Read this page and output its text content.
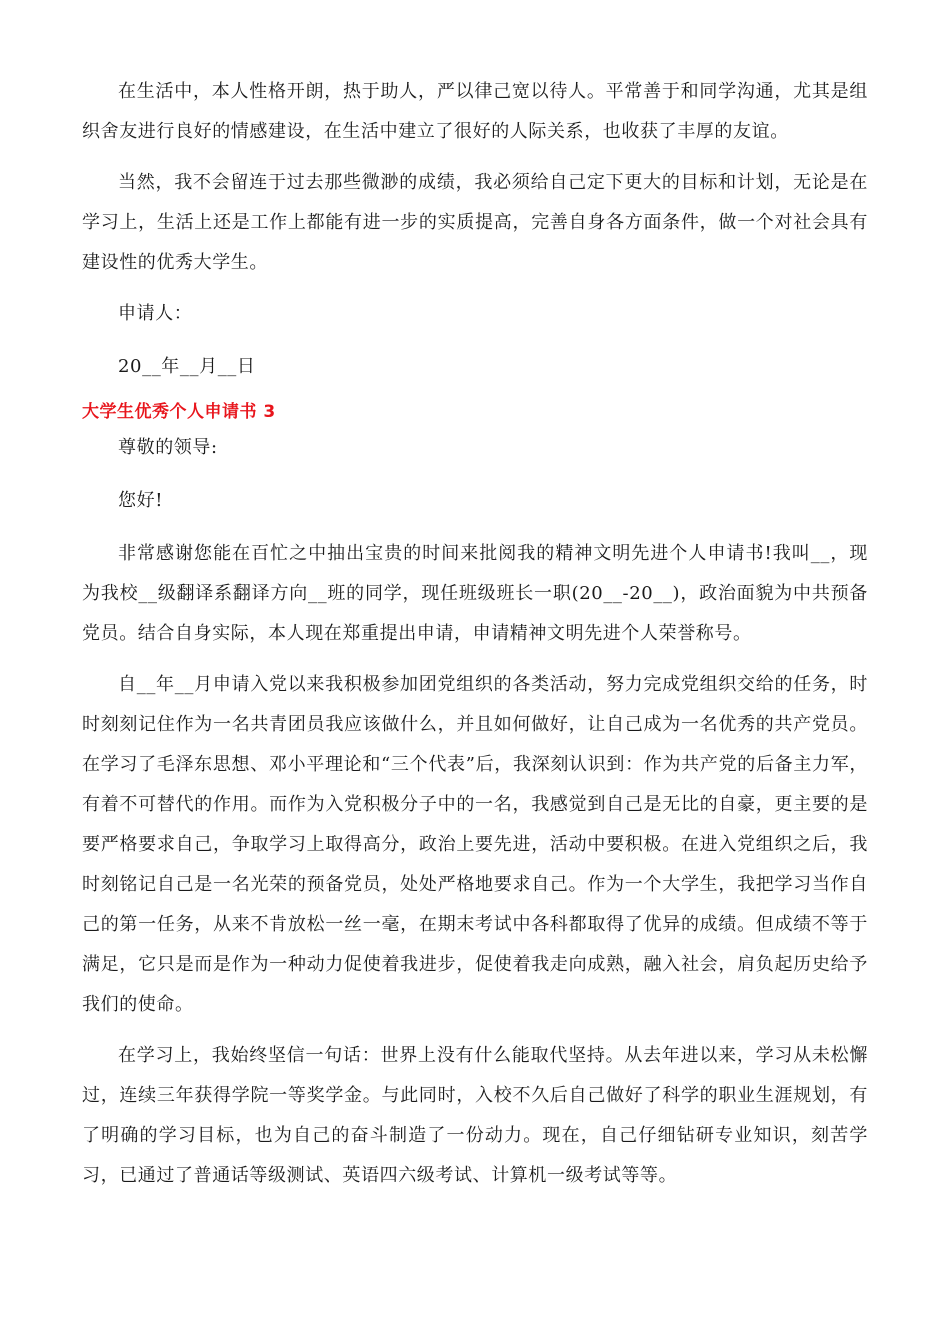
在生活中，本人性格开朗，热于助人，严以律己宽以待人。平常善于和同学沟通，尤其是组织舍友进行良好的情感建设，在生活中建立了很好的人际关系，也收获了丰厚的友谊。

当然，我不会留连于过去那些微渺的成绩，我必须给自己定下更大的目标和计划，无论是在学习上，生活上还是工作上都能有进一步的实质提高，完善自身各方面条件，做一个对社会具有建设性的优秀大学生。

申请人：

20__年__月__日

大学生优秀个人申请书 3

尊敬的领导:

您好!

非常感谢您能在百忙之中抽出宝贵的时间来批阅我的精神文明先进个人申请书!我叫__，现为我校__级翻译系翻译方向__班的同学，现任班级班长一职(20__-20__)，政治面貌为中共预备党员。结合自身实际，本人现在郑重提出申请，申请精神文明先进个人荣誉称号。

自__年__月申请入党以来我积极参加团党组织的各类活动，努力完成党组织交给的任务，时时刻刻记住作为一名共青团员我应该做什么，并且如何做好，让自己成为一名优秀的共产党员。在学习了毛泽东思想、邓小平理论和“三个代表”后，我深刻认识到：作为共产党的后备主力军，有着不可替代的作用。而作为入党积极分子中的一名，我感觉到自己是无比的自豪，更主要的是要严格要求自己，争取学习上取得高分，政治上要先进，活动中要积极。在进入党组织之后，我时刻铭记自己是一名光荣的预备党员，处处严格地要求自己。作为一个大学生，我把学习当作自己的第一任务，从来不肯放松一丝一毫，在期末考试中各科都取得了优异的成绩。但成绩不等于满足，它只是而是作为一种动力促使着我进步，促使着我走向成熟，融入社会，肩负起历史给予我们的使命。

在学习上，我始终坚信一句话：世界上没有什么能取代坚持。从去年进以来，学习从未松懈过，连续三年获得学院一等奖学金。与此同时，入校不久后自己做好了科学的职业生涯规划，有了明确的学习目标，也为自己的奋斗制造了一份动力。现在，自己仔细钻研专业知识，刻苦学习，已通过了普通话等级测试、英语四六级考试、计算机一级考试等等。
